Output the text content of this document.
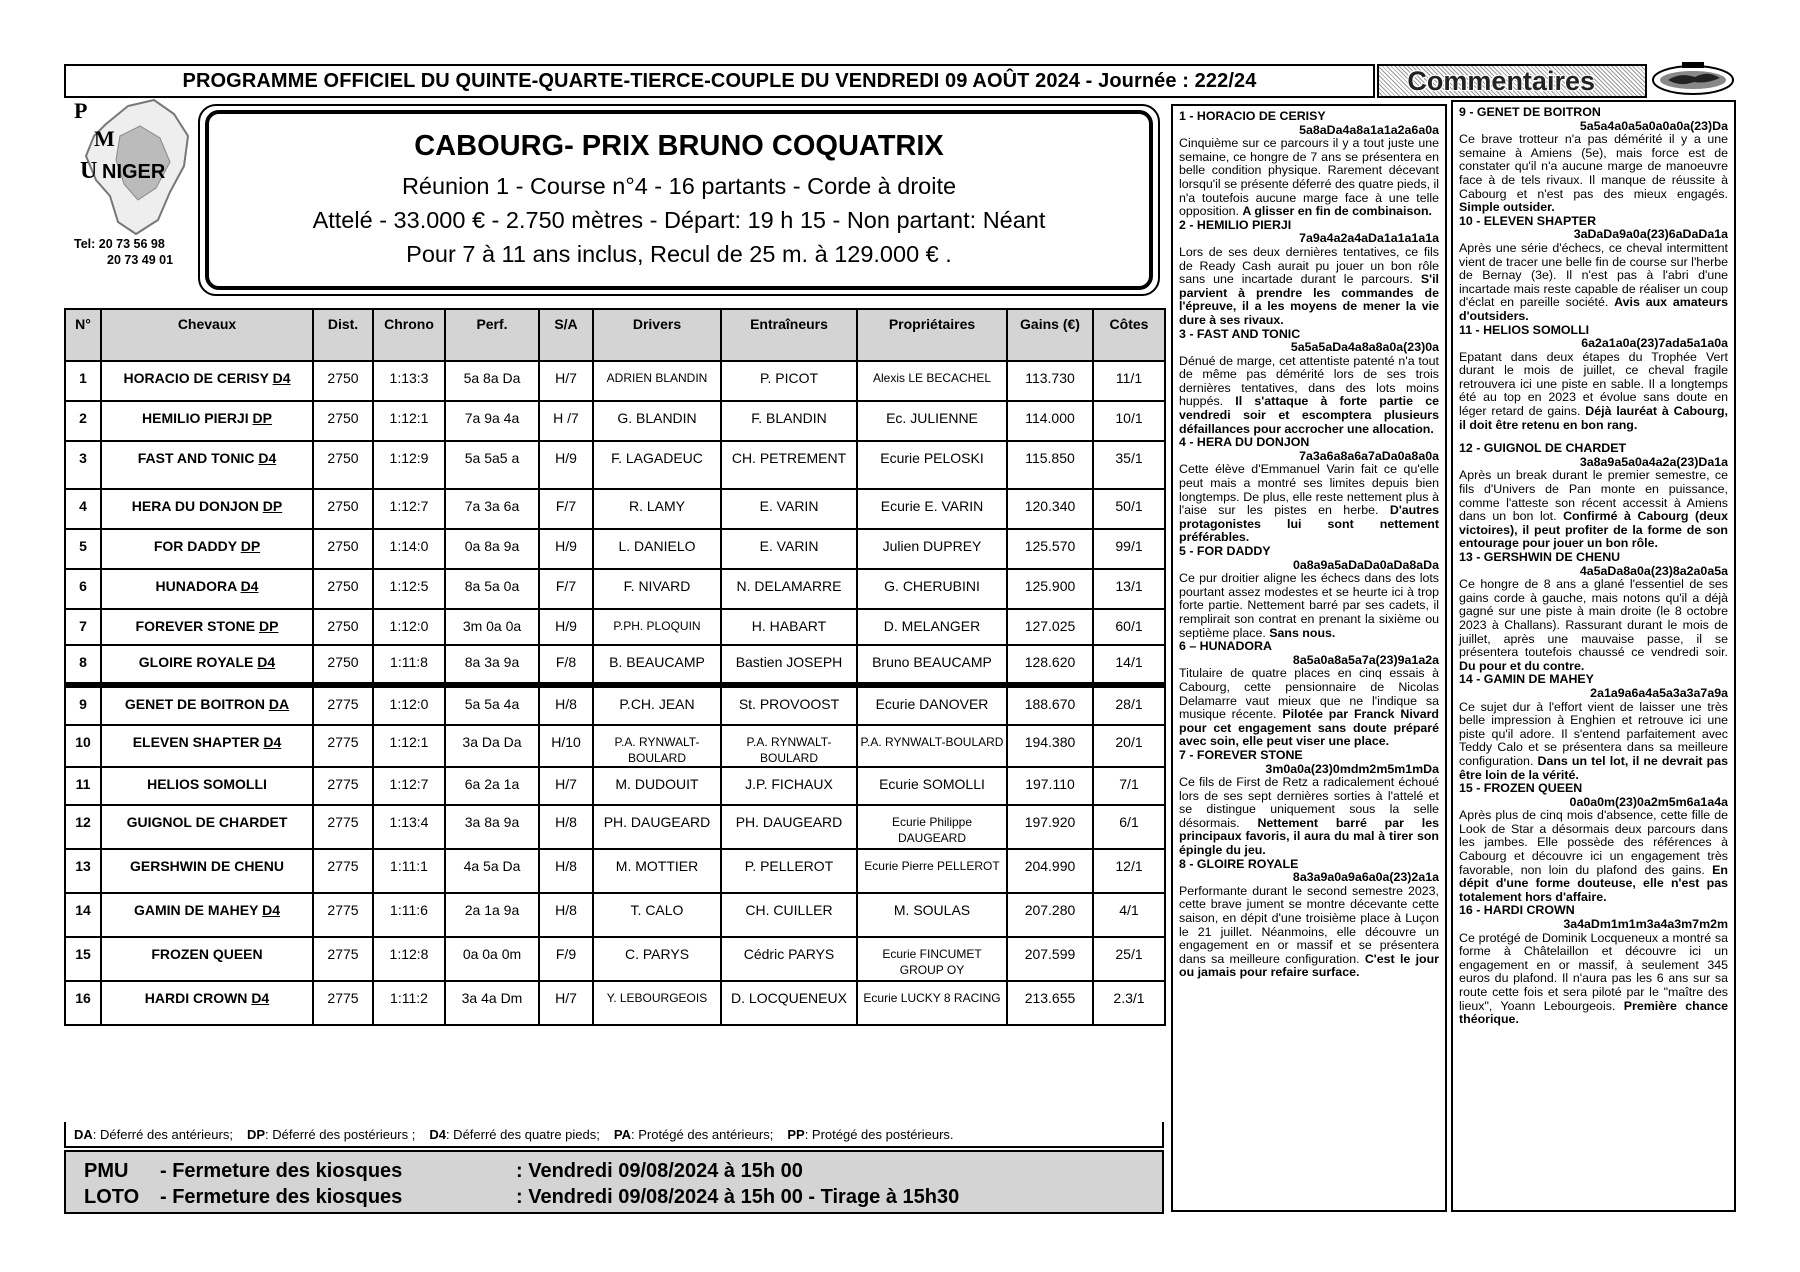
PROGRAMME OFFICIEL DU QUINTE-QUARTE-TIERCE-COUPLE DU VENDREDI 09 AOÛT 2024 - Journée : 222/24	Commentaires
P
M
U NIGER
Tel: 20 73 56 98
20 73 49 01
CABOURG- PRIX BRUNO COQUATRIX
Réunion 1 - Course n°4 - 16 partants - Corde à droite
Attelé - 33.000 € - 2.750 mètres - Départ: 19 h 15 - Non partant: Néant
Pour 7 à 11 ans inclus, Recul de 25 m. à 129.000 € .
N°	Chevaux	Dist.	Chrono	Perf.	S/A	Drivers	Entraîneurs	Propriétaires	Gains (€)	Côtes
1	HORACIO DE CERISY D4	2750	1:13:3	5a 8a Da	H/7	ADRIEN BLANDIN	P. PICOT	Alexis LE BECACHEL	113.730	11/1
2	HEMILIO PIERJI DP	2750	1:12:1	7a 9a 4a	H /7	G. BLANDIN	F. BLANDIN	Ec. JULIENNE	114.000	10/1
3	FAST AND TONIC D4	2750	1:12:9	5a 5a5 a	H/9	F. LAGADEUC	CH. PETREMENT	Ecurie PELOSKI	115.850	35/1
4	HERA DU DONJON DP	2750	1:12:7	7a 3a 6a	F/7	R. LAMY	E. VARIN	Ecurie E. VARIN	120.340	50/1
5	FOR DADDY DP	2750	1:14:0	0a 8a 9a	H/9	L. DANIELO	E. VARIN	Julien DUPREY	125.570	99/1
6	HUNADORA D4	2750	1:12:5	8a 5a 0a	F/7	F. NIVARD	N. DELAMARRE	G. CHERUBINI	125.900	13/1
7	FOREVER STONE DP	2750	1:12:0	3m 0a 0a	H/9	P.PH. PLOQUIN	H. HABART	D. MELANGER	127.025	60/1
8	GLOIRE ROYALE D4	2750	1:11:8	8a 3a 9a	F/8	B. BEAUCAMP	Bastien JOSEPH	Bruno BEAUCAMP	128.620	14/1
9	GENET DE BOITRON DA	2775	1:12:0	5a 5a 4a	H/8	P.CH. JEAN	St. PROVOOST	Ecurie DANOVER	188.670	28/1
10	ELEVEN SHAPTER D4	2775	1:12:1	3a Da Da	H/10	P.A. RYNWALT-BOULARD	P.A. RYNWALT-BOULARD	P.A. RYNWALT-BOULARD	194.380	20/1
11	HELIOS SOMOLLI	2775	1:12:7	6a 2a 1a	H/7	M. DUDOUIT	J.P. FICHAUX	Ecurie SOMOLLI	197.110	7/1
12	GUIGNOL DE CHARDET	2775	1:13:4	3a 8a 9a	H/8	PH. DAUGEARD	PH. DAUGEARD	Ecurie Philippe DAUGEARD	197.920	6/1
13	GERSHWIN DE CHENU	2775	1:11:1	4a 5a Da	H/8	M. MOTTIER	P. PELLEROT	Ecurie Pierre PELLEROT	204.990	12/1
14	GAMIN DE MAHEY D4	2775	1:11:6	2a 1a 9a	H/8	T. CALO	CH. CUILLER	M. SOULAS	207.280	4/1
15	FROZEN QUEEN	2775	1:12:8	0a 0a 0m	F/9	C. PARYS	Cédric PARYS	Ecurie FINCUMET GROUP OY	207.599	25/1
16	HARDI CROWN D4	2775	1:11:2	3a 4a Dm	H/7	Y. LEBOURGEOIS	D. LOCQUENEUX	Ecurie LUCKY 8 RACING	213.655	2.3/1
DA : Déferré des antérieurs; DP : Déferré des postérieurs ; D4 : Déferré des quatre pieds; PA : Protégé des antérieurs; PP : Protégé des postérieurs.
PMU	- Fermeture des kiosques	: Vendredi 09/08/2024 à 15h 00
LOTO	- Fermeture des kiosques	: Vendredi 09/08/2024 à 15h 00 - Tirage à 15h30
1 - HORACIO DE CERISY
5a8aDa4a8a1a1a2a6a0a
Cinquième sur ce parcours il y a tout juste une semaine, ce hongre de 7 ans se présentera en belle condition physique. Rarement décevant lorsqu'il se présente déferré des quatre pieds, il n'a toutefois aucune marge face à une telle opposition. A glisser en fin de combinaison.
2 - HEMILIO PIERJI
7a9a4a2a4aDa1a1a1a1a
Lors de ses deux dernières tentatives, ce fils de Ready Cash aurait pu jouer un bon rôle sans une incartade durant le parcours. S'il parvient à prendre les commandes de l'épreuve, il a les moyens de mener la vie dure à ses rivaux.
3 - FAST AND TONIC
5a5a5aDa4a8a8a0a(23)0a
Dénué de marge, cet attentiste patenté n'a tout de même pas démérité lors de ses trois dernières tentatives, dans des lots moins huppés. Il s'attaque à forte partie ce vendredi soir et escomptera plusieurs défaillances pour accrocher une allocation.
4 - HERA DU DONJON
7a3a6a8a6a7aDa0a8a0a
Cette élève d'Emmanuel Varin fait ce qu'elle peut mais a montré ses limites depuis bien longtemps. De plus, elle reste nettement plus à l'aise sur les pistes en herbe. D'autres protagonistes lui sont nettement préférables.
5 - FOR DADDY
0a8a9a5aDaDa0aDa8aDa
Ce pur droitier aligne les échecs dans des lots pourtant assez modestes et se heurte ici à trop forte partie. Nettement barré par ses cadets, il remplirait son contrat en prenant la sixième ou septième place. Sans nous.
6 – HUNADORA
8a5a0a8a5a7a(23)9a1a2a
Titulaire de quatre places en cinq essais à Cabourg, cette pensionnaire de Nicolas Delamarre vaut mieux que ne l'indique sa musique récente. Pilotée par Franck Nivard pour cet engagement sans doute préparé avec soin, elle peut viser une place.
7 - FOREVER STONE
3m0a0a(23)0mdm2m5m1mDa
Ce fils de First de Retz a radicalement échoué lors de ses sept dernières sorties à l'attelé et se distingue uniquement sous la selle désormais. Nettement barré par les principaux favoris, il aura du mal à tirer son épingle du jeu.
8 - GLOIRE ROYALE
8a3a9a0a9a6a0a(23)2a1a
Performante durant le second semestre 2023, cette brave jument se montre décevante cette saison, en dépit d'une troisième place à Luçon le 21 juillet. Néanmoins, elle découvre un engagement en or massif et se présentera dans sa meilleure configuration. C'est le jour ou jamais pour refaire surface.
9 - GENET DE BOITRON
5a5a4a0a5a0a0a0a(23)Da
Ce brave trotteur n'a pas démérité il y a une semaine à Amiens (5e), mais force est de constater qu'il n'a aucune marge de manoeuvre face à de tels rivaux. Il manque de réussite à Cabourg et n'est pas des mieux engagés. Simple outsider.
10 - ELEVEN SHAPTER
3aDaDa9a0a(23)6aDaDa1a
Après une série d'échecs, ce cheval intermittent vient de tracer une belle fin de course sur l'herbe de Bernay (3e). Il n'est pas à l'abri d'une incartade mais reste capable de réaliser un coup d'éclat en pareille société. Avis aux amateurs d'outsiders.
11 - HELIOS SOMOLLI
6a2a1a0a(23)7ada5a1a0a
Epatant dans deux étapes du Trophée Vert durant le mois de juillet, ce cheval fragile retrouvera ici une piste en sable. Il a longtemps été au top en 2023 et évolue sans doute en léger retard de gains. Déjà lauréat à Cabourg, il doit être retenu en bon rang.
12 - GUIGNOL DE CHARDET
3a8a9a5a0a4a2a(23)Da1a
Après un break durant le premier semestre, ce fils d'Univers de Pan monte en puissance, comme l'atteste son récent accessit à Amiens dans un bon lot. Confirmé à Cabourg (deux victoires), il peut profiter de la forme de son entourage pour jouer un bon rôle.
13 - GERSHWIN DE CHENU
4a5aDa8a0a(23)8a2a0a5a
Ce hongre de 8 ans a glané l'essentiel de ses gains corde à gauche, mais notons qu'il a déjà gagné sur une piste à main droite (le 8 octobre 2023 à Challans). Rassurant durant le mois de juillet, après une mauvaise passe, il se présentera toutefois chaussé ce vendredi soir. Du pour et du contre.
14 - GAMIN DE MAHEY
2a1a9a6a4a5a3a3a7a9a
Ce sujet dur à l'effort vient de laisser une très belle impression à Enghien et retrouve ici une piste qu'il adore. Il s'entend parfaitement avec Teddy Calo et se présentera dans sa meilleure configuration. Dans un tel lot, il ne devrait pas être loin de la vérité.
15 - FROZEN QUEEN
0a0a0m(23)0a2m5m6a1a4a
Après plus de cinq mois d'absence, cette fille de Look de Star a désormais deux parcours dans les jambes. Elle possède des références à Cabourg et découvre ici un engagement très favorable, non loin du plafond des gains. En dépit d'une forme douteuse, elle n'est pas totalement hors d'affaire.
16 - HARDI CROWN
3a4aDm1m1m3a4a3m7m2m
Ce protégé de Dominik Locqueneux a montré sa forme à Châtelaillon et découvre ici un engagement en or massif, à seulement 345 euros du plafond. Il n'aura pas les 6 ans sur sa route cette fois et sera piloté par le "maître des lieux", Yoann Lebourgeois. Première chance théorique.
